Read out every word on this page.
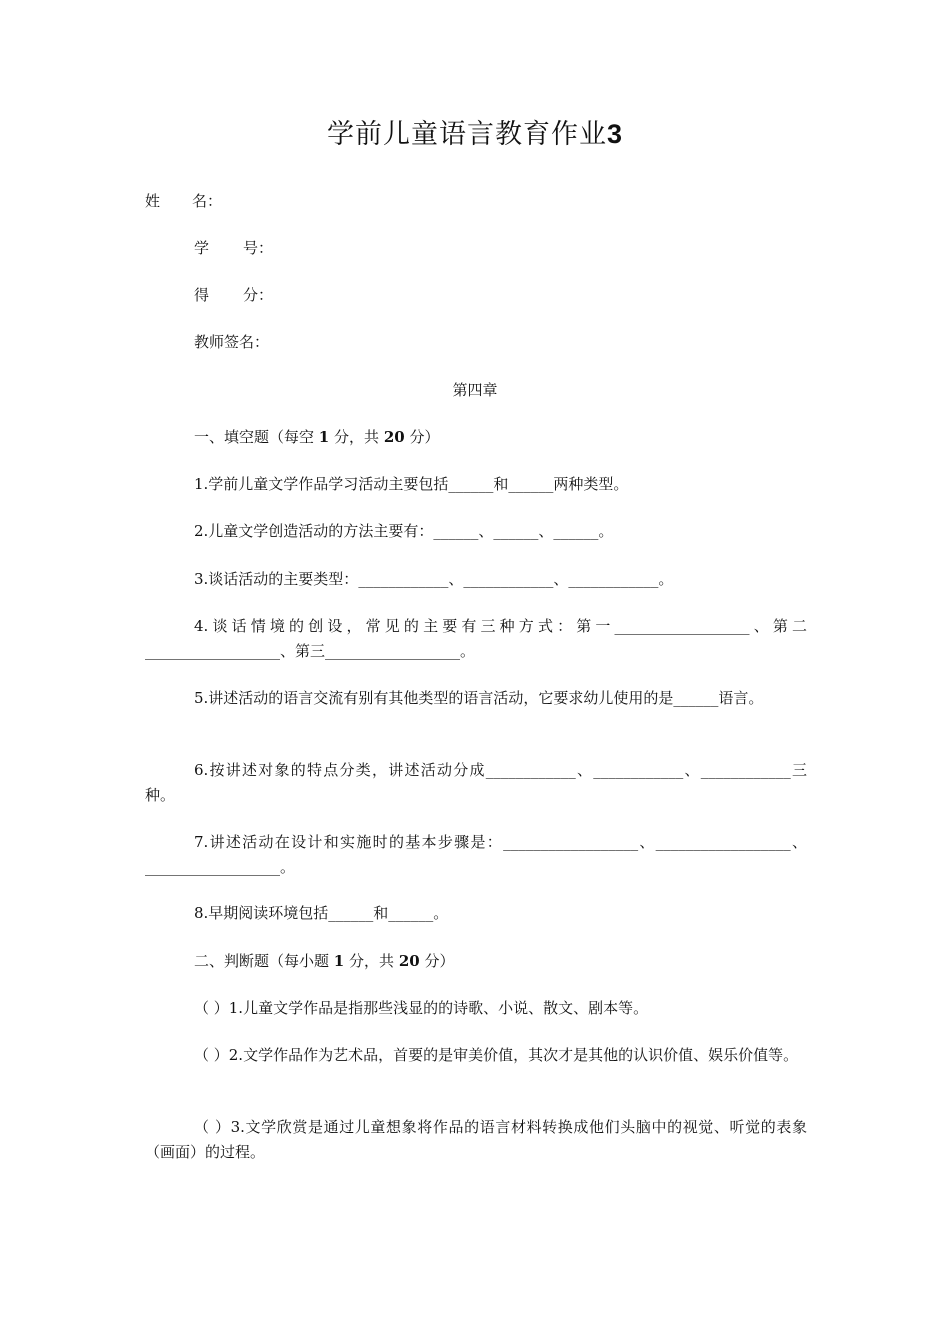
学前儿童语言教育作业3
姓 名：
学 号：
得 分：
教师签名：
第四章
一、填空题（每空 1 分，共 20 分）
1.学前儿童文学作品学习活动主要包括______和______两种类型。
2.儿童文学创造活动的方法主要有：______、______、______。
3.谈话活动的主要类型：____________、____________、____________。
4.谈话情境的创设，常见的主要有三种方式：第一__________________、第二__________________、第三__________________。
5.讲述活动的语言交流有别有其他类型的语言活动，它要求幼儿使用的是______语言。
6.按讲述对象的特点分类，讲述活动分成____________、____________、____________三种。
7.讲述活动在设计和实施时的基本步骤是：__________________、__________________、__________________。
8.早期阅读环境包括______和______。
二、判断题（每小题 1 分，共 20 分）
（ ）1.儿童文学作品是指那些浅显的的诗歌、小说、散文、剧本等。
（ ）2.文学作品作为艺术品，首要的是审美价值，其次才是其他的认识价值、娱乐价值等。
（ ）3.文学欣赏是通过儿童想象将作品的语言材料转换成他们头脑中的视觉、听觉的表象（画面）的过程。
